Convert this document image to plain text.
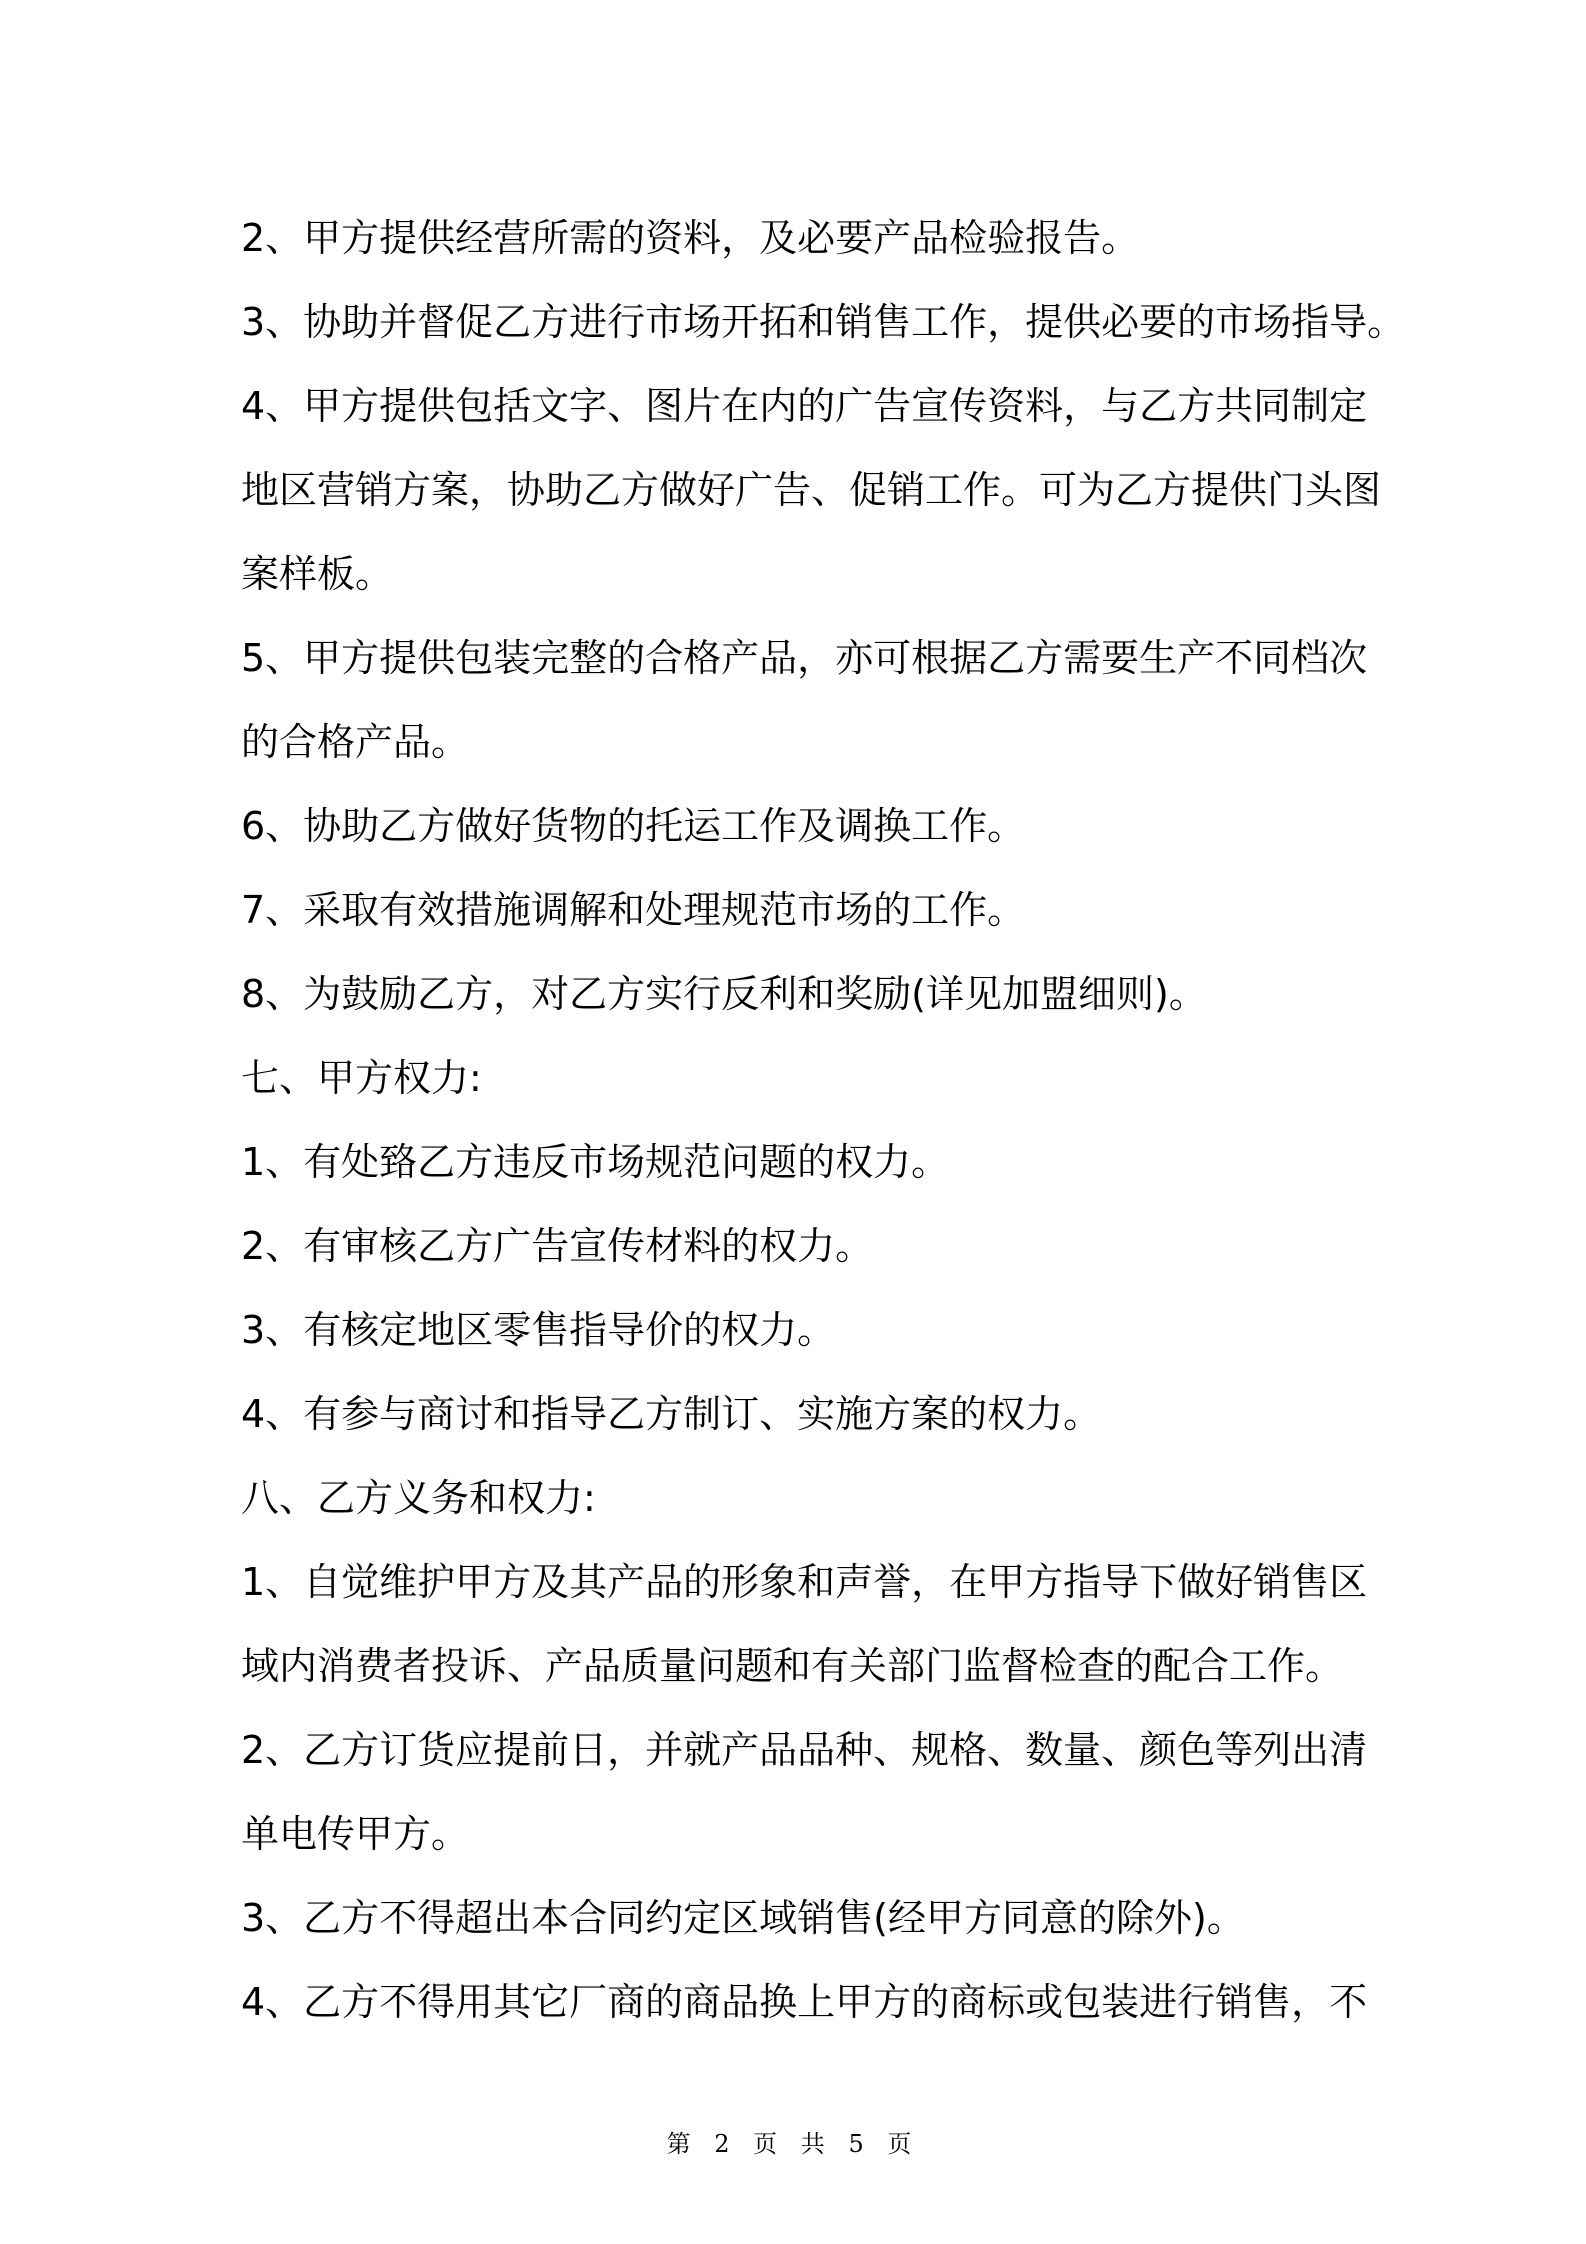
2、甲方提供经营所需的资料，及必要产品检验报告。
3、协助并督促乙方进行市场开拓和销售工作，提供必要的市场指导。
4、甲方提供包括文字、图片在内的广告宣传资料，与乙方共同制定
地区营销方案，协助乙方做好广告、促销工作。可为乙方提供门头图
案样板。
5、甲方提供包装完整的合格产品，亦可根据乙方需要生产不同档次
的合格产品。
6、协助乙方做好货物的托运工作及调换工作。
7、采取有效措施调解和处理规范市场的工作。
8、为鼓励乙方，对乙方实行反利和奖励(详见加盟细则)。
七、甲方权力:
1、有处臵乙方违反市场规范问题的权力。
2、有审核乙方广告宣传材料的权力。
3、有核定地区零售指导价的权力。
4、有参与商讨和指导乙方制订、实施方案的权力。
八、乙方义务和权力:
1、自觉维护甲方及其产品的形象和声誉，在甲方指导下做好销售区
域内消费者投诉、产品质量问题和有关部门监督检查的配合工作。
2、乙方订货应提前日，并就产品品种、规格、数量、颜色等列出清
单电传甲方。
3、乙方不得超出本合同约定区域销售(经甲方同意的除外)。
4、乙方不得用其它厂商的商品换上甲方的商标或包装进行销售，不
第 2 页 共 5 页
